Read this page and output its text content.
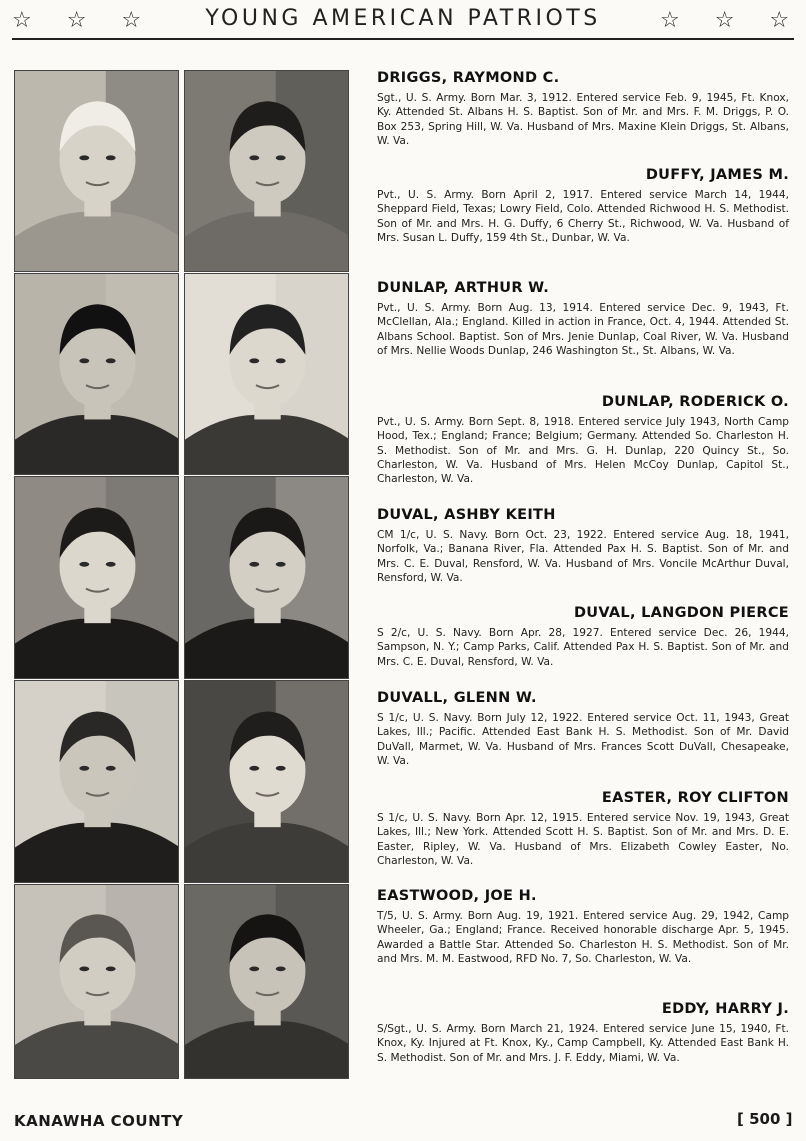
☆ ☆ ☆	YOUNG AMERICAN PATRIOTS	☆ ☆ ☆

DRIGGS, RAYMOND C.

Sgt., U. S. Army. Born Mar. 3, 1912. Entered service Feb. 9, 1945, Ft. Knox, Ky. Attended St. Albans H. S. Baptist. Son of Mr. and Mrs. F. M. Driggs, P. O. Box 253, Spring Hill, W. Va. Husband of Mrs. Maxine Klein Driggs, St. Albans, W. Va.

DUFFY, JAMES M.

Pvt., U. S. Army. Born April 2, 1917. Entered service March 14, 1944, Sheppard Field, Texas; Lowry Field, Colo. Attended Richwood H. S. Methodist. Son of Mr. and Mrs. H. G. Duffy, 6 Cherry St., Richwood, W. Va. Husband of Mrs. Susan L. Duffy, 159 4th St., Dunbar, W. Va.

DUNLAP, ARTHUR W.

Pvt., U. S. Army. Born Aug. 13, 1914. Entered service Dec. 9, 1943, Ft. McClellan, Ala.; England. Killed in action in France, Oct. 4, 1944. Attended St. Albans School. Baptist. Son of Mrs. Jenie Dunlap, Coal River, W. Va. Husband of Mrs. Nellie Woods Dunlap, 246 Washington St., St. Albans, W. Va.

DUNLAP, RODERICK O.

Pvt., U. S. Army. Born Sept. 8, 1918. Entered service July 1943, North Camp Hood, Tex.; England; France; Belgium; Germany. Attended So. Charleston H. S. Methodist. Son of Mr. and Mrs. G. H. Dunlap, 220 Quincy St., So. Charleston, W. Va. Husband of Mrs. Helen McCoy Dunlap, Capitol St., Charleston, W. Va.

DUVAL, ASHBY KEITH

CM 1/c, U. S. Navy. Born Oct. 23, 1922. Entered service Aug. 18, 1941, Norfolk, Va.; Banana River, Fla. Attended Pax H. S. Baptist. Son of Mr. and Mrs. C. E. Duval, Rensford, W. Va. Husband of Mrs. Voncile McArthur Duval, Rensford, W. Va.

DUVAL, LANGDON PIERCE

S 2/c, U. S. Navy. Born Apr. 28, 1927. Entered service Dec. 26, 1944, Sampson, N. Y.; Camp Parks, Calif. Attended Pax H. S. Baptist. Son of Mr. and Mrs. C. E. Duval, Rensford, W. Va.

DUVALL, GLENN W.

S 1/c, U. S. Navy. Born July 12, 1922. Entered service Oct. 11, 1943, Great Lakes, Ill.; Pacific. Attended East Bank H. S. Methodist. Son of Mr. David DuVall, Marmet, W. Va. Husband of Mrs. Frances Scott DuVall, Chesapeake, W. Va.

EASTER, ROY CLIFTON

S 1/c, U. S. Navy. Born Apr. 12, 1915. Entered service Nov. 19, 1943, Great Lakes, Ill.; New York. Attended Scott H. S. Baptist. Son of Mr. and Mrs. D. E. Easter, Ripley, W. Va. Husband of Mrs. Elizabeth Cowley Easter, No. Charleston, W. Va.

EASTWOOD, JOE H.

T/5, U. S. Army. Born Aug. 19, 1921. Entered service Aug. 29, 1942, Camp Wheeler, Ga.; England; France. Received honorable discharge Apr. 5, 1945. Awarded a Battle Star. Attended So. Charleston H. S. Methodist. Son of Mr. and Mrs. M. M. Eastwood, RFD No. 7, So. Charleston, W. Va.

EDDY, HARRY J.

S/Sgt., U. S. Army. Born March 21, 1924. Entered service June 15, 1940, Ft. Knox, Ky. Injured at Ft. Knox, Ky., Camp Campbell, Ky. Attended East Bank H. S. Methodist. Son of Mr. and Mrs. J. F. Eddy, Miami, W. Va.

KANAWHA COUNTY	[ 500 ]
